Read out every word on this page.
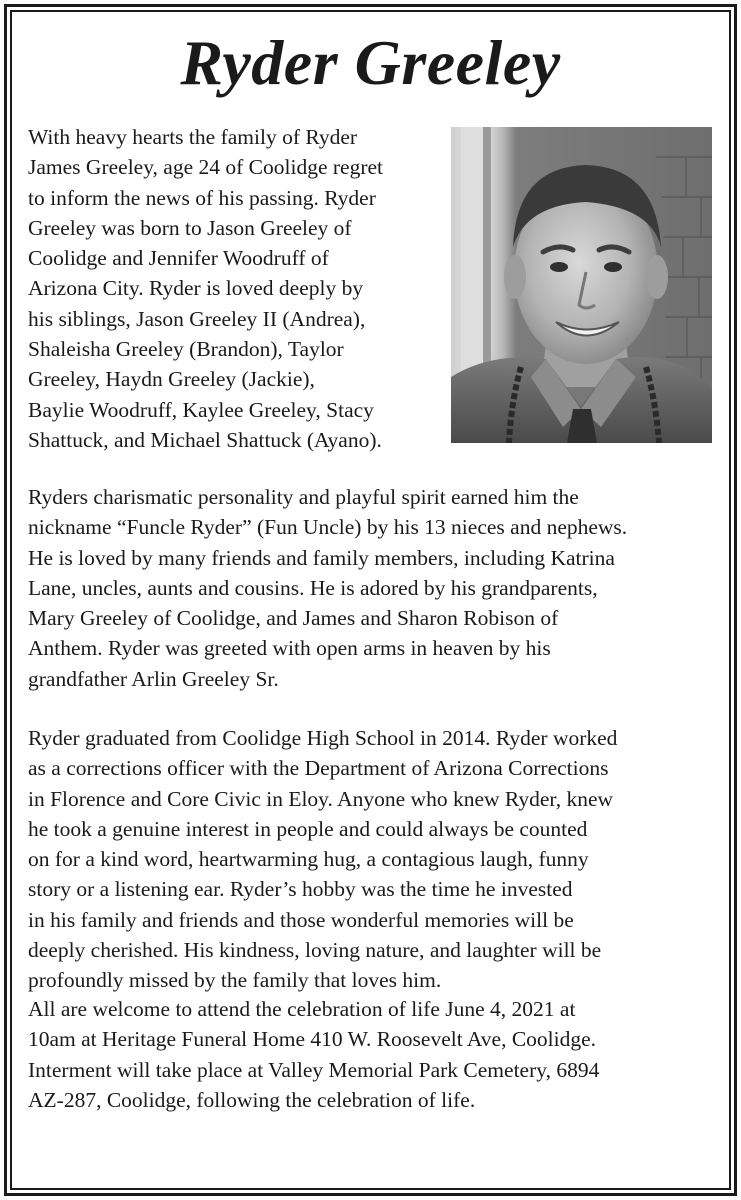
Ryder Greeley
With heavy hearts the family of Ryder
James Greeley, age 24 of Coolidge regret
to inform the news of his passing. Ryder
Greeley was born to Jason Greeley of
Coolidge and Jennifer Woodruff of
Arizona City. Ryder is loved deeply by
his siblings, Jason Greeley II (Andrea),
Shaleisha Greeley (Brandon), Taylor
Greeley, Haydn Greeley (Jackie),
Baylie Woodruff, Kaylee Greeley, Stacy
Shattuck, and Michael Shattuck (Ayano).
Ryders charismatic personality and playful spirit earned him the
nickname “Funcle Ryder” (Fun Uncle) by his 13 nieces and nephews.
He is loved by many friends and family members, including Katrina
Lane, uncles, aunts and cousins. He is adored by his grandparents,
Mary Greeley of Coolidge, and James and Sharon Robison of
Anthem. Ryder was greeted with open arms in heaven by his
grandfather Arlin Greeley Sr.
Ryder graduated from Coolidge High School in 2014. Ryder worked
as a corrections officer with the Department of Arizona Corrections
in Florence and Core Civic in Eloy. Anyone who knew Ryder, knew
he took a genuine interest in people and could always be counted
on for a kind word, heartwarming hug, a contagious laugh, funny
story or a listening ear. Ryder’s hobby was the time he invested
in his family and friends and those wonderful memories will be
deeply cherished. His kindness, loving nature, and laughter will be
profoundly missed by the family that loves him.
All are welcome to attend the celebration of life June 4, 2021 at
10am at Heritage Funeral Home 410 W. Roosevelt Ave, Coolidge.
Interment will take place at Valley Memorial Park Cemetery, 6894
AZ-287, Coolidge, following the celebration of life.
